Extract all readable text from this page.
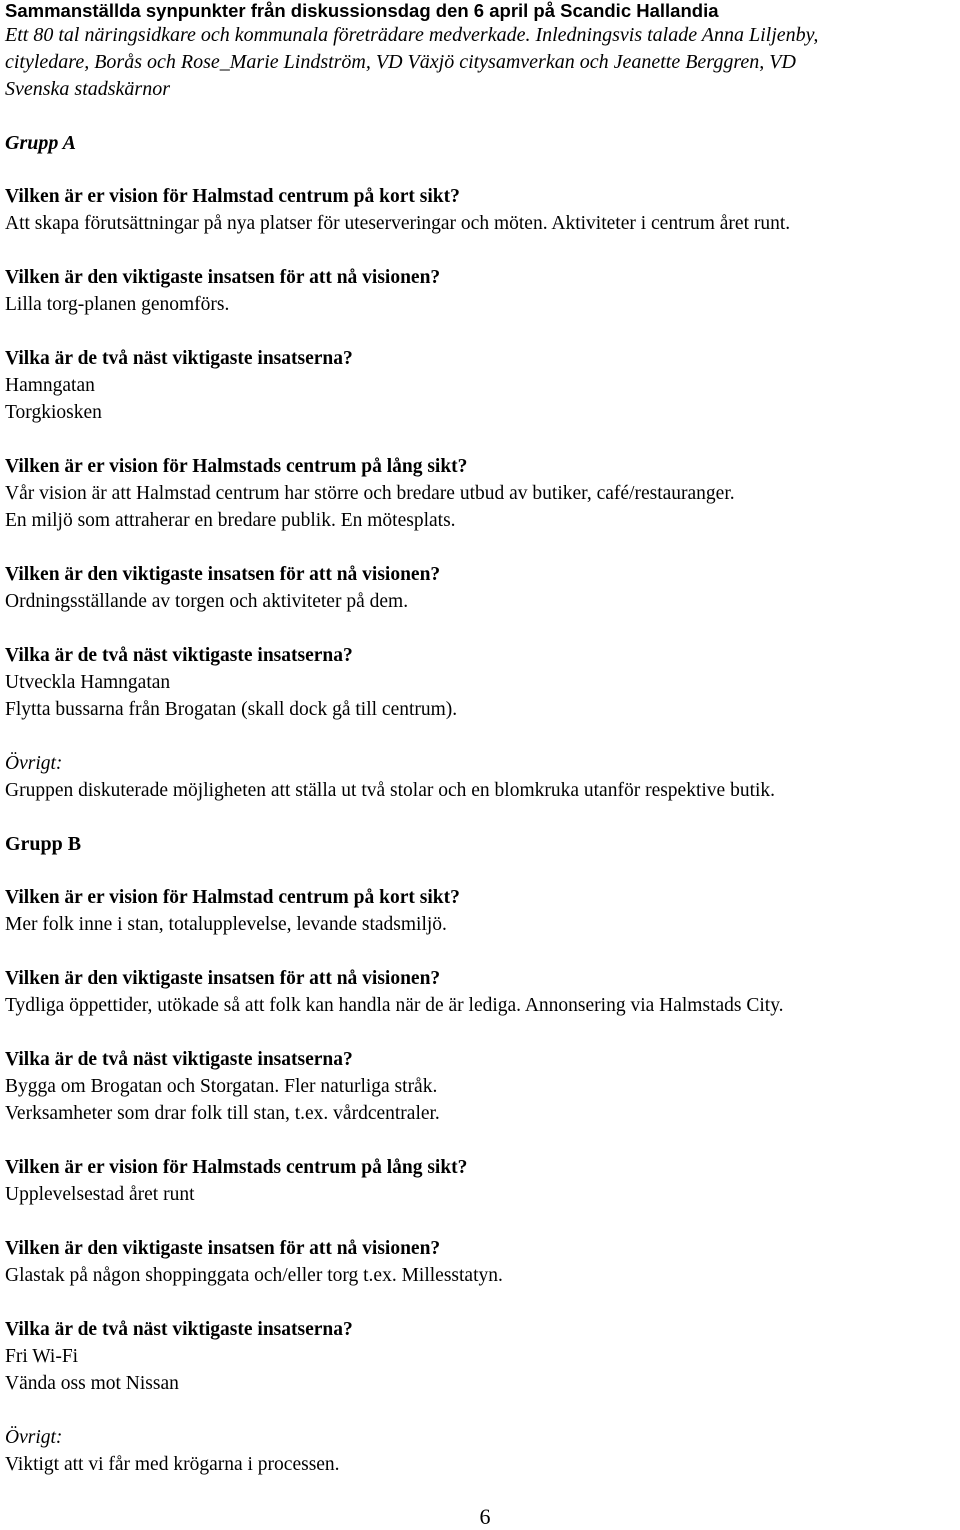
Sammanställda synpunkter från diskussionsdag den 6 april på Scandic Hallandia

Ett 80 tal näringsidkare och kommunala företrädare medverkade. Inledningsvis talade Anna Liljenby,
cityledare, Borås och Rose_Marie Lindström, VD Växjö citysamverkan och Jeanette Berggren, VD
Svenska stadskärnor

Grupp A

Vilken är er vision för Halmstad centrum på kort sikt?

Att skapa förutsättningar på nya platser för uteserveringar och möten. Aktiviteter i centrum året runt.

Vilken är den viktigaste insatsen för att nå visionen?

Lilla torg-planen genomförs.

Vilka är de två näst viktigaste insatserna?

Hamngatan

Torgkiosken

Vilken är er vision för Halmstads centrum på lång sikt?

Vår vision är att Halmstad centrum har större och bredare utbud av butiker, café/restauranger.

En miljö som attraherar en bredare publik. En mötesplats.

Vilken är den viktigaste insatsen för att nå visionen?

Ordningsställande av torgen och aktiviteter på dem.

Vilka är de två näst viktigaste insatserna?

Utveckla Hamngatan

Flytta bussarna från Brogatan (skall dock gå till centrum).

Övrigt:

Gruppen diskuterade möjligheten att ställa ut två stolar och en blomkruka utanför respektive butik.

Grupp B

Vilken är er vision för Halmstad centrum på kort sikt?

Mer folk inne i stan, totalupplevelse, levande stadsmiljö.

Vilken är den viktigaste insatsen för att nå visionen?

Tydliga öppettider, utökade så att folk kan handla när de är lediga. Annonsering via Halmstads City.

Vilka är de två näst viktigaste insatserna?

Bygga om Brogatan och Storgatan. Fler naturliga stråk.

Verksamheter som drar folk till stan, t.ex. vårdcentraler.

Vilken är er vision för Halmstads centrum på lång sikt?

Upplevelsestad året runt

Vilken är den viktigaste insatsen för att nå visionen?

Glastak på någon shoppinggata och/eller torg t.ex. Millesstatyn.

Vilka är de två näst viktigaste insatserna?

Fri Wi-Fi

Vända oss mot Nissan

Övrigt:

Viktigt att vi får med krögarna i processen.

6
